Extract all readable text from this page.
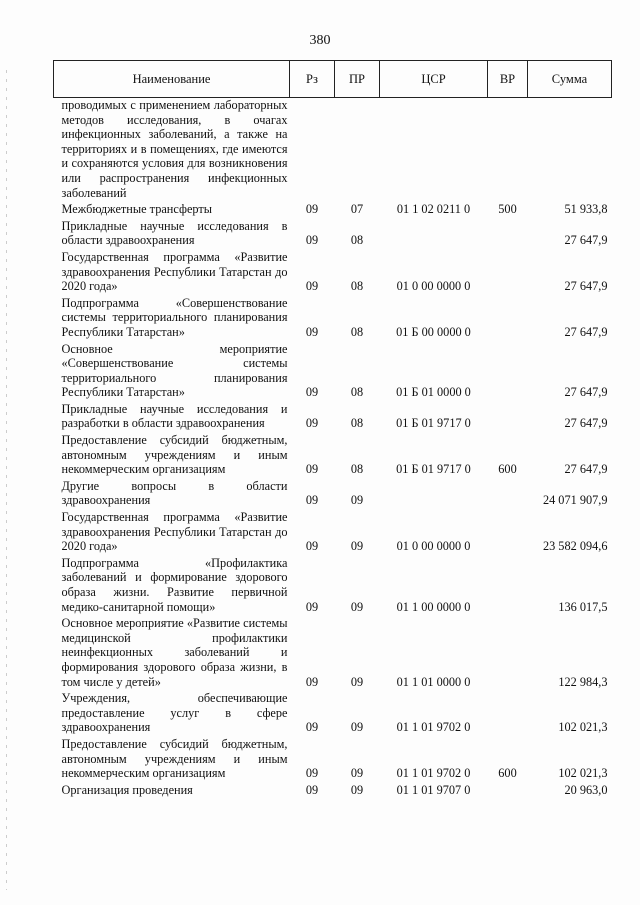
380
Наименование	Рз	ПР	ЦСР	ВР	Сумма
проводимых с применением лабораторных методов исследования, в очагах инфекционных заболеваний, а также на территориях и в помещениях, где имеются и сохраняются условия для возникновения или распространения инфекционных заболеваний					
Межбюджетные трансферты	09	07	01 1 02 0211 0	500	51 933,8
Прикладные научные исследования в области здравоохранения	09	08			27 647,9
Государственная программа «Развитие здравоохранения Республики Татарстан до 2020 года»	09	08	01 0 00 0000 0		27 647,9
Подпрограмма «Совершенствование системы территориального планирования Республики Татарстан»	09	08	01 Б 00 0000 0		27 647,9
Основное мероприятие «Совершенствование системы территориального планирования Республики Татарстан»	09	08	01 Б 01 0000 0		27 647,9
Прикладные научные исследования и разработки в области здравоохранения	09	08	01 Б 01 9717 0		27 647,9
Предоставление субсидий бюджетным, автономным учреждениям и иным некоммерческим организациям	09	08	01 Б 01 9717 0	600	27 647,9
Другие вопросы в области здравоохранения	09	09			24 071 907,9
Государственная программа «Развитие здравоохранения Республики Татарстан до 2020 года»	09	09	01 0 00 0000 0		23 582 094,6
Подпрограмма «Профилактика заболеваний и формирование здорового образа жизни. Развитие первичной медико-санитарной помощи»	09	09	01 1 00 0000 0		136 017,5
Основное мероприятие «Развитие системы медицинской профилактики неинфекционных заболеваний и формирования здорового образа жизни, в том числе у детей»	09	09	01 1 01 0000 0		122 984,3
Учреждения, обеспечивающие предоставление услуг в сфере здравоохранения	09	09	01 1 01 9702 0		102 021,3
Предоставление субсидий бюджетным, автономным учреждениям и иным некоммерческим организациям	09	09	01 1 01 9702 0	600	102 021,3
Организация проведения	09	09	01 1 01 9707 0		20 963,0
